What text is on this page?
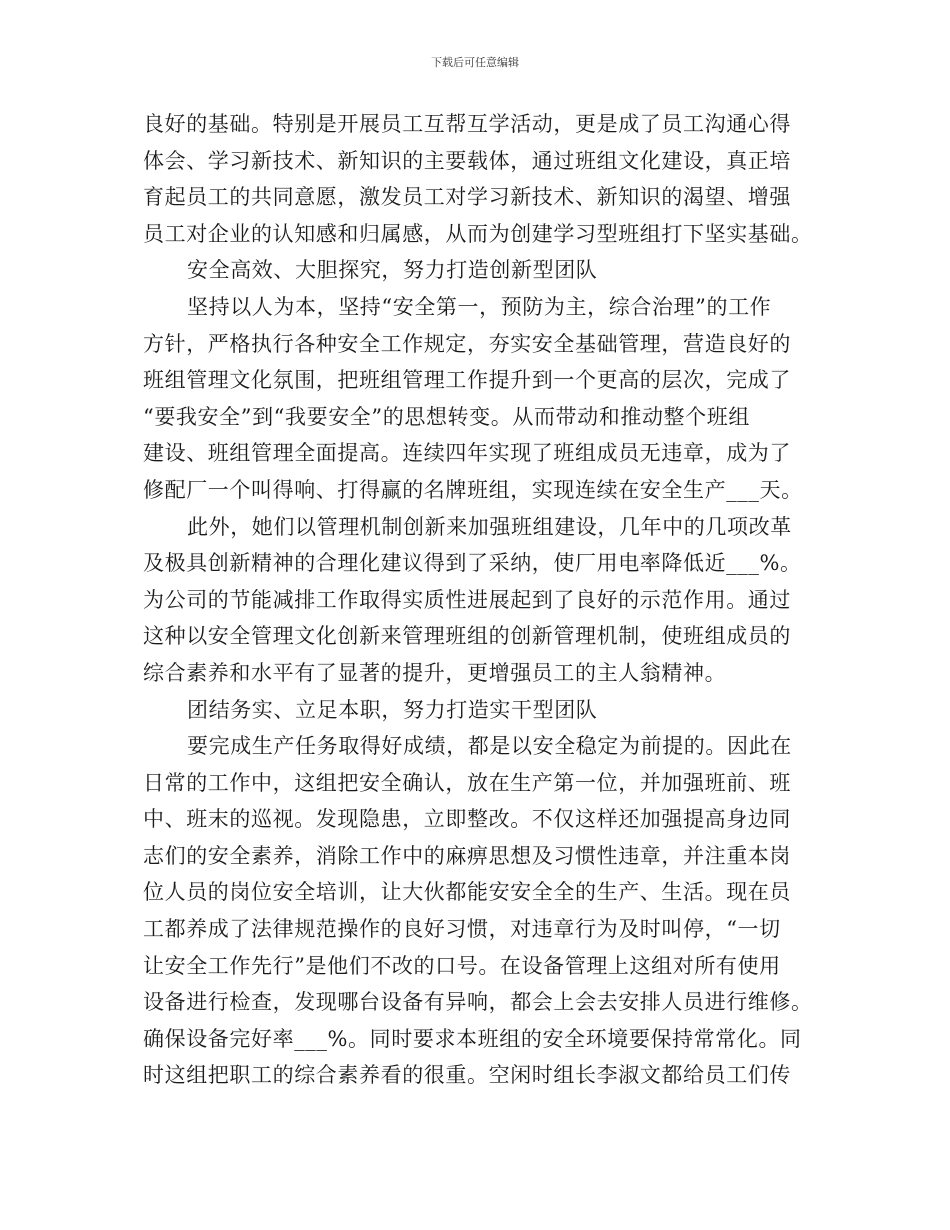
下载后可任意编辑
良好的基础。特别是开展员工互帮互学活动，更是成了员工沟通心得
体会、学习新技术、新知识的主要载体，通过班组文化建设，真正培
育起员工的共同意愿，激发员工对学习新技术、新知识的渴望、增强
员工对企业的认知感和归属感，从而为创建学习型班组打下坚实基础。
安全高效、大胆探究，努力打造创新型团队
坚持以人为本，坚持“安全第一，预防为主，综合治理”的工作
方针，严格执行各种安全工作规定，夯实安全基础管理，营造良好的
班组管理文化氛围，把班组管理工作提升到一个更高的层次，完成了
“要我安全”到“我要安全”的思想转变。从而带动和推动整个班组
建设、班组管理全面提高。连续四年实现了班组成员无违章，成为了
修配厂一个叫得响、打得赢的名牌班组，实现连续在安全生产___天。
此外，她们以管理机制创新来加强班组建设，几年中的几项改革
及极具创新精神的合理化建议得到了采纳，使厂用电率降低近___%。
为公司的节能减排工作取得实质性进展起到了良好的示范作用。通过
这种以安全管理文化创新来管理班组的创新管理机制，使班组成员的
综合素养和水平有了显著的提升，更增强员工的主人翁精神。
团结务实、立足本职，努力打造实干型团队
要完成生产任务取得好成绩，都是以安全稳定为前提的。因此在
日常的工作中，这组把安全确认，放在生产第一位，并加强班前、班
中、班末的巡视。发现隐患，立即整改。不仅这样还加强提高身边同
志们的安全素养，消除工作中的麻痹思想及习惯性违章，并注重本岗
位人员的岗位安全培训，让大伙都能安安全全的生产、生活。现在员
工都养成了法律规范操作的良好习惯，对违章行为及时叫停，“一切
让安全工作先行”是他们不改的口号。在设备管理上这组对所有使用
设备进行检查，发现哪台设备有异响，都会上会去安排人员进行维修。
确保设备完好率___%。同时要求本班组的安全环境要保持常常化。同
时这组把职工的综合素养看的很重。空闲时组长李淑文都给员工们传
